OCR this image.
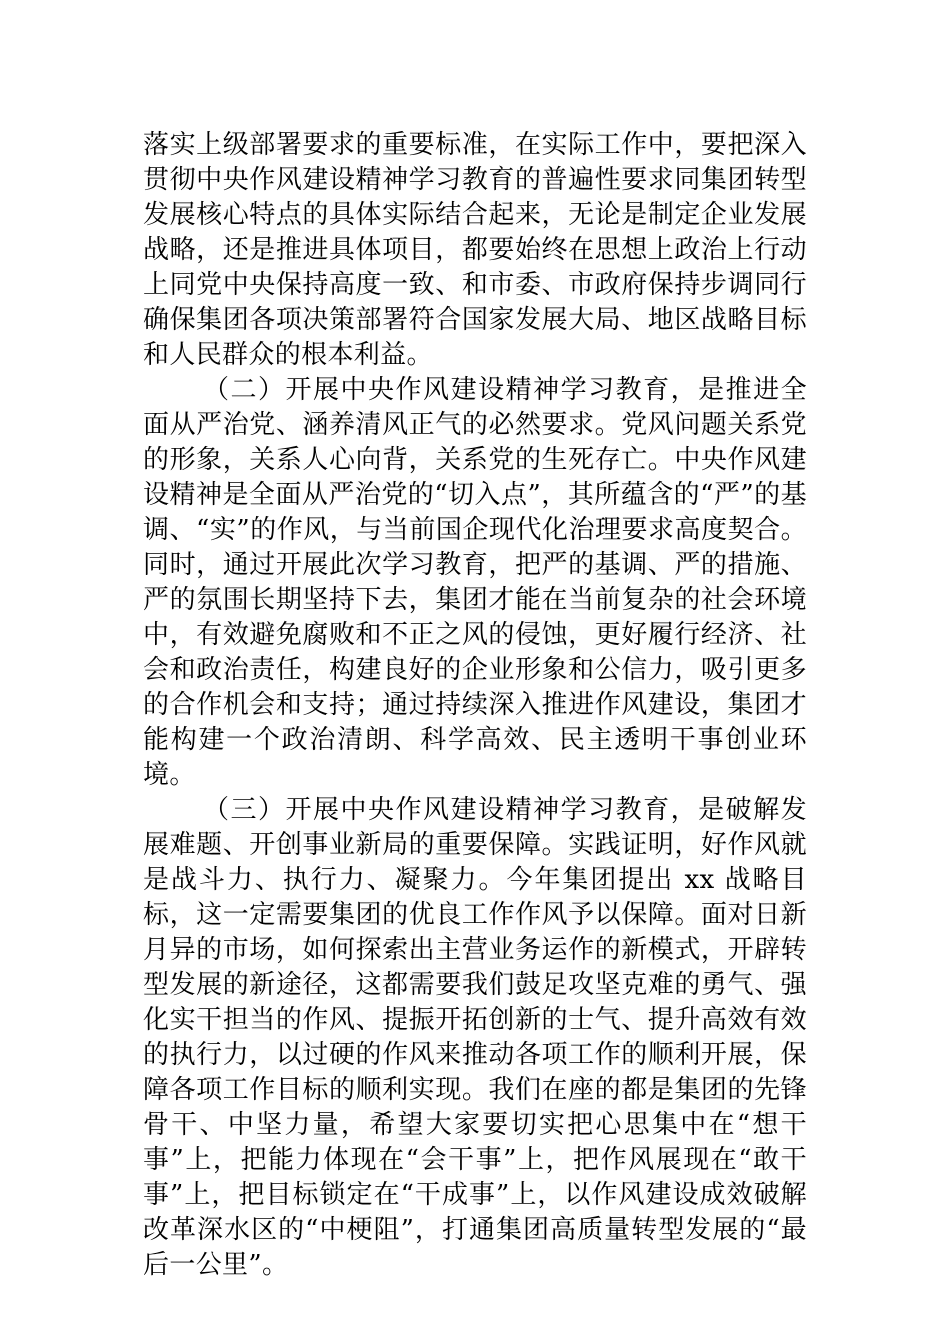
落实上级部署要求的重要标准，在实际工作中，要把深入贯彻中央作风建设精神学习教育的普遍性要求同集团转型发展核心特点的具体实际结合起来，无论是制定企业发展战略，还是推进具体项目，都要始终在思想上政治上行动上同党中央保持高度一致、和市委、市政府保持步调同行确保集团各项决策部署符合国家发展大局、地区战略目标和人民群众的根本利益。

（二）开展中央作风建设精神学习教育，是推进全面从严治党、涵养清风正气的必然要求。党风问题关系党的形象，关系人心向背，关系党的生死存亡。中央作风建设精神是全面从严治党的“切入点”，其所蕴含的“严”的基调、“实”的作风，与当前国企现代化治理要求高度契合。同时，通过开展此次学习教育，把严的基调、严的措施、严的氛围长期坚持下去，集团才能在当前复杂的社会环境中，有效避免腐败和不正之风的侵蚀，更好履行经济、社会和政治责任，构建良好的企业形象和公信力，吸引更多的合作机会和支持；通过持续深入推进作风建设，集团才能构建一个政治清朗、科学高效、民主透明干事创业环境。

（三）开展中央作风建设精神学习教育，是破解发展难题、开创事业新局的重要保障。实践证明，好作风就是战斗力、执行力、凝聚力。今年集团提出 xx 战略目标，这一定需要集团的优良工作作风予以保障。面对日新月异的市场，如何探索出主营业务运作的新模式，开辟转型发展的新途径，这都需要我们鼓足攻坚克难的勇气、强化实干担当的作风、提振开拓创新的士气、提升高效有效的执行力，以过硬的作风来推动各项工作的顺利开展，保障各项工作目标的顺利实现。我们在座的都是集团的先锋骨干、中坚力量，希望大家要切实把心思集中在“想干事”上，把能力体现在“会干事”上，把作风展现在“敢干事”上，把目标锁定在“干成事”上，以作风建设成效破解改革深水区的“中梗阻”，打通集团高质量转型发展的“最后一公里”。
